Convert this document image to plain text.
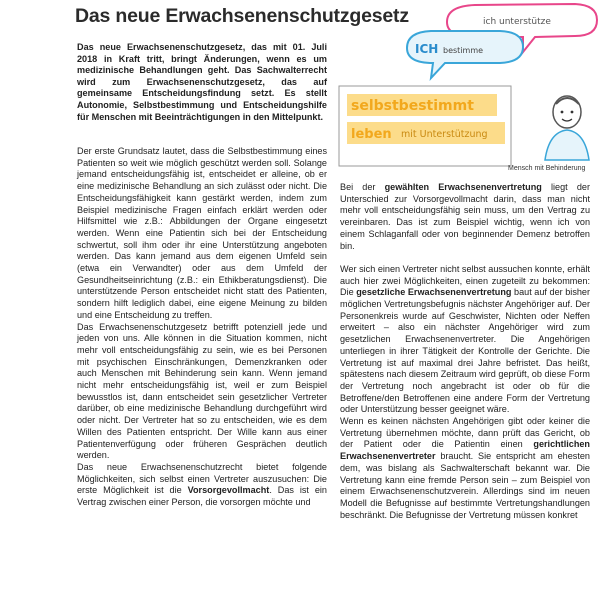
Das neue Erwachsenenschutzgesetz

Das neue Erwachsenenschutzgesetz, das mit 01. Juli 2018 in Kraft tritt, bringt Änderungen, wenn es um medizinische Behandlungen geht. Das Sachwalterrecht wird zum Erwachsenenschutzgesetz, das auf gemeinsame Entscheidungsfindung setzt. Es stellt Autonomie, Selbstbestimmung und Entscheidungshilfe für Menschen mit Beeinträchtigungen in den Mittelpunkt.

ich unterstütze
ICH bestimme
selbstbestimmt
leben mit Unterstützung
Mensch mit Behinderung

Der erste Grundsatz lautet, dass die Selbstbestimmung eines Patienten so weit wie möglich geschützt werden soll. Solange jemand entscheidungsfähig ist, entscheidet er alleine, ob er eine medizinische Behandlung an sich zulässt oder nicht. Die Entscheidungsfähigkeit kann gestärkt werden, indem zum Beispiel medizinische Fragen einfach erklärt werden oder Hilfsmittel wie z.B.: Abbildungen der Organe eingesetzt werden. Wenn eine Patientin sich bei der Entscheidung schwertut, soll ihm oder ihr eine Unterstützung angeboten werden. Das kann jemand aus dem eigenen Umfeld sein (etwa ein Verwandter) oder aus dem Umfeld der Gesundheitseinrichtung (z.B.: ein Ethikberatungsdienst). Die unterstützende Person entscheidet nicht statt des Patienten, sondern hilft lediglich dabei, eine eigene Meinung zu bilden und eine Entscheidung zu treffen.

Das Erwachsenenschutzgesetz betrifft potenziell jede und jeden von uns. Alle können in die Situation kommen, nicht mehr voll entscheidungsfähig zu sein, wie es bei Personen mit psychischen Einschränkungen, Demenzkranken oder auch Menschen mit Behinderung sein kann. Wenn jemand nicht mehr entscheidungsfähig ist, weil er zum Beispiel bewusstlos ist, dann entscheidet sein gesetzlicher Vertreter darüber, ob eine medizinische Behandlung durchgeführt wird oder nicht. Der Vertreter hat so zu entscheiden, wie es dem Willen des Patienten entspricht. Der Wille kann aus einer Patientenverfügung oder früheren Gesprächen deutlich werden.

Das neue Erwachsenenschutzrecht bietet folgende Möglichkeiten, sich selbst einen Vertreter auszusuchen: Die erste Möglichkeit ist die Vorsorgevollmacht. Das ist ein Vertrag zwischen einer Person, die vorsorgen möchte und

Bei der gewählten Erwachsenenvertretung liegt der Unterschied zur Vorsorgevollmacht darin, dass man nicht mehr voll entscheidungsfähig sein muss, um den Vertrag zu vereinbaren. Das ist zum Beispiel wichtig, wenn ich von einem Schlaganfall oder von beginnender Demenz betroffen bin.

Wer sich einen Vertreter nicht selbst aussuchen konnte, erhält auch hier zwei Möglichkeiten, einen zugeteilt zu bekommen: Die gesetzliche Erwachsenenvertretung baut auf der bisher möglichen Vertretungsbefugnis nächster Angehöriger auf. Der Personenkreis wurde auf Geschwister, Nichten oder Neffen erweitert – also ein nächster Angehöriger wird zum gesetzlichen Erwachsenenvertreter. Die Angehörigen unterliegen in ihrer Tätigkeit der Kontrolle der Gerichte. Die Vertretung ist auf maximal drei Jahre befristet. Das heißt, spätestens nach diesem Zeitraum wird geprüft, ob diese Form der Vertretung noch angebracht ist oder ob für die Betroffene/den Betroffenen eine andere Form der Vertretung oder Unterstützung besser geeignet wäre.

Wenn es keinen nächsten Angehörigen gibt oder keiner die Vertretung übernehmen möchte, dann prüft das Gericht, ob der Patient oder die Patientin einen gerichtlichen Erwachsenenvertreter braucht. Sie entspricht am ehesten dem, was bislang als Sachwalterschaft bekannt war. Die Vertretung kann eine fremde Person sein – zum Beispiel von einem Erwachsenenschutzverein. Allerdings sind im neuen Modell die Befugnisse auf bestimmte Vertretungshandlungen beschränkt. Die Befugnisse der Vertretung müssen konkret
